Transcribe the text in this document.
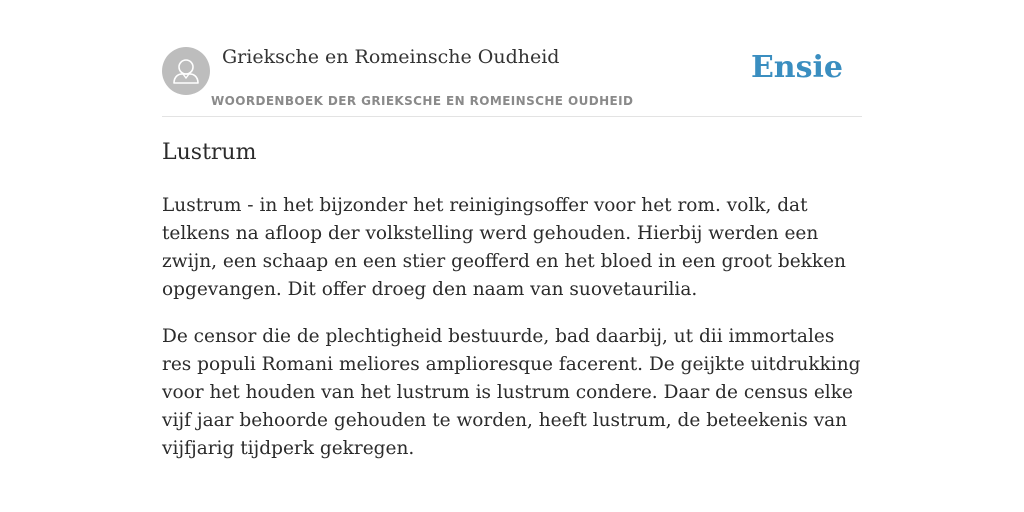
Grieksche en Romeinsche Oudheid
WOORDENBOEK DER GRIEKSCHE EN ROMEINSCHE OUDHEID
Ensie
Lustrum

Lustrum - in het bijzonder het reinigingsoffer voor het rom. volk, dat telkens na afloop der volkstelling werd gehouden. Hierbij werden een zwijn, een schaap en een stier geofferd en het bloed in een groot bekken opgevangen. Dit offer droeg den naam van suovetaurilia.

De censor die de plechtigheid bestuurde, bad daarbij, ut dii immortales res populi Romani meliores amplioresque facerent. De geijkte uitdrukking voor het houden van het lustrum is lustrum condere. Daar de census elke vijf jaar behoorde gehouden te worden, heeft lustrum, de beteekenis van vijfjarig tijdperk gekregen.
